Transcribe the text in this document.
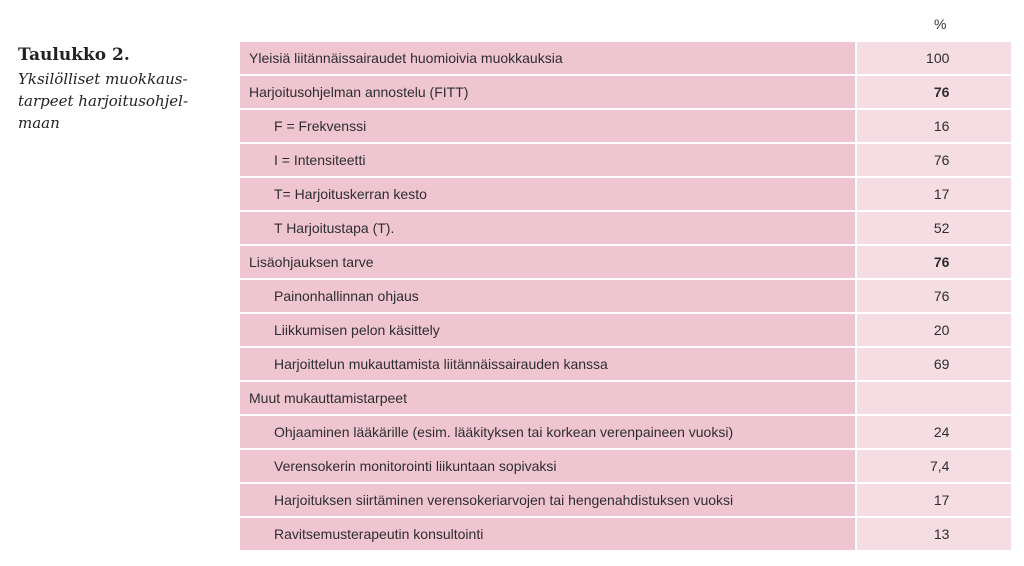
Taulukko 2.
Yksilölliset muokkaus-tarpeet harjoitusohjel-maan
%
Yleisiä liitännäissairaudet huomioivia muokkauksia	100
Harjoitusohjelman annostelu (FITT)	76
F = Frekvenssi	16
I = Intensiteetti	76
T= Harjoituskerran kesto	17
T Harjoitustapa (T).	52
Lisäohjauksen tarve	76
Painonhallinnan ohjaus	76
Liikkumisen pelon käsittely	20
Harjoittelun mukauttamista liitännäissairauden kanssa	69
Muut mukauttamistarpeet
Ohjaaminen lääkärille (esim. lääkityksen tai korkean verenpaineen vuoksi)	24
Verensokerin monitorointi liikuntaan sopivaksi	7,4
Harjoituksen siirtäminen verensokeriarvojen tai hengenahdistuksen vuoksi	17
Ravitsemusterapeutin konsultointi	13
